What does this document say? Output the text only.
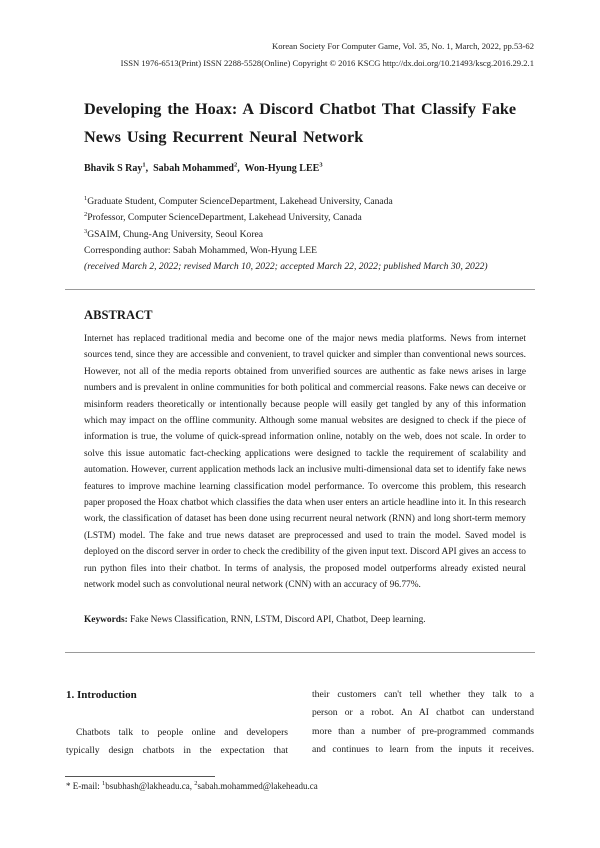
Korean Society For Computer Game, Vol. 35, No. 1, March, 2022, pp.53-62
ISSN 1976-6513(Print) ISSN 2288-5528(Online) Copyright © 2016 KSCG http://dx.doi.org/10.21493/kscg.2016.29.2.1
Developing the Hoax: A Discord Chatbot That Classify Fake News Using Recurrent Neural Network
Bhavik S Ray$^1$,  Sabah Mohammed$^2$,  Won-Hyung LEE$^3$
$^1$Graduate Student, Computer ScienceDepartment, Lakehead University, Canada
$^2$Professor, Computer ScienceDepartment, Lakehead University, Canada
$^3$GSAIM, Chung-Ang University, Seoul Korea
Corresponding author: Sabah Mohammed, Won-Hyung LEE
(received March 2, 2022; revised March 10, 2022; accepted March 22, 2022; published March 30, 2022)
ABSTRACT
Internet has replaced traditional media and become one of the major news media platforms. News from internet sources tend, since they are accessible and convenient, to travel quicker and simpler than conventional news sources. However, not all of the media reports obtained from unverified sources are authentic as fake news arises in large numbers and is prevalent in online communities for both political and commercial reasons. Fake news can deceive or misinform readers theoretically or intentionally because people will easily get tangled by any of this information which may impact on the offline community. Although some manual websites are designed to check if the piece of information is true, the volume of quick-spread information online, notably on the web, does not scale. In order to solve this issue automatic fact-checking applications were designed to tackle the requirement of scalability and automation. However, current application methods lack an inclusive multi-dimensional data set to identify fake news features to improve machine learning classification model performance. To overcome this problem, this research paper proposed the Hoax chatbot which classifies the data when user enters an article headline into it. In this research work, the classification of dataset has been done using recurrent neural network (RNN) and long short-term memory (LSTM) model. The fake and true news dataset are preprocessed and used to train the model. Saved model is deployed on the discord server in order to check the credibility of the given input text. Discord API gives an access to run python files into their chatbot. In terms of analysis, the proposed model outperforms already existed neural network model such as convolutional neural network (CNN) with an accuracy of 96.77%.
Keywords: Fake News Classification, RNN, LSTM, Discord API, Chatbot, Deep learning.
1. Introduction
Chatbots talk to people online and developers
typically design chatbots in the expectation that
their customers can't tell whether they talk to a
person or a robot. An AI chatbot can understand
more than a number of pre-programmed commands
and continues to learn from the inputs it receives.
* E-mail: $^1$bsubhash@lakheadu.ca, $^2$sabah.mohammed@lakeheadu.ca
